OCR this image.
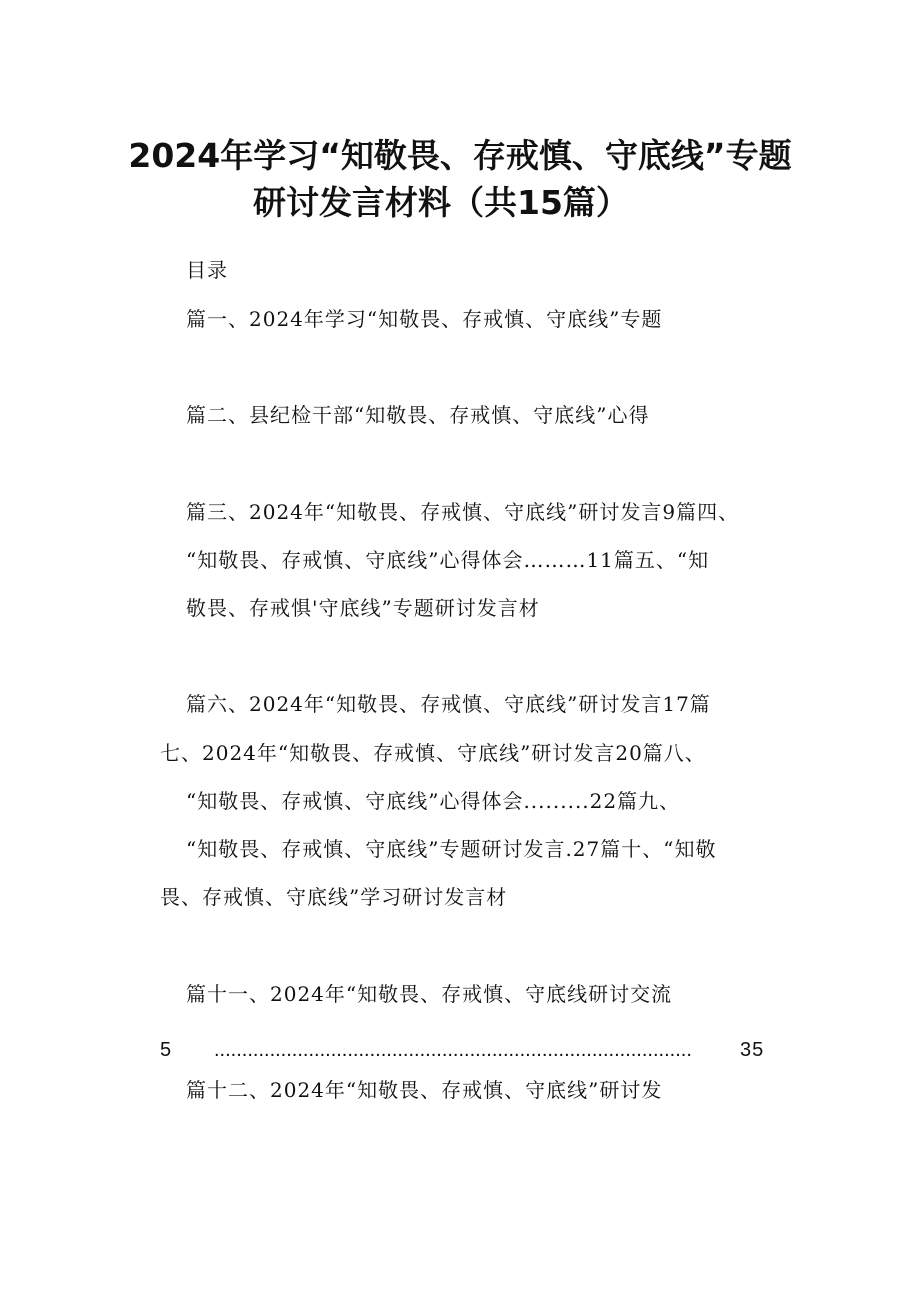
2024年学习“知敬畏、存戒慎、守底线”专题
研讨发言材料（共15篇）
目录
篇一、2024年学习“知敬畏、存戒慎、守底线”专题
篇二、县纪检干部“知敬畏、存戒慎、守底线”心得
篇三、2024年“知敬畏、存戒慎、守底线”研讨发言9篇四、
“知敬畏、存戒慎、守底线”心得体会………11篇五、“知
敬畏、存戒惧'守底线”专题研讨发言材
篇六、2024年“知敬畏、存戒慎、守底线”研讨发言17篇
七、2024年“知敬畏、存戒慎、守底线”研讨发言20篇八、
“知敬畏、存戒慎、守底线”心得体会.........22篇九、
“知敬畏、存戒慎、守底线”专题研讨发言.27篇十、“知敬
畏、存戒慎、守底线”学习研讨发言材
篇十一、2024年“知敬畏、存戒慎、守底线研讨交流
5 ...................................................................................... 35
篇十二、2024年“知敬畏、存戒慎、守底线”研讨发
